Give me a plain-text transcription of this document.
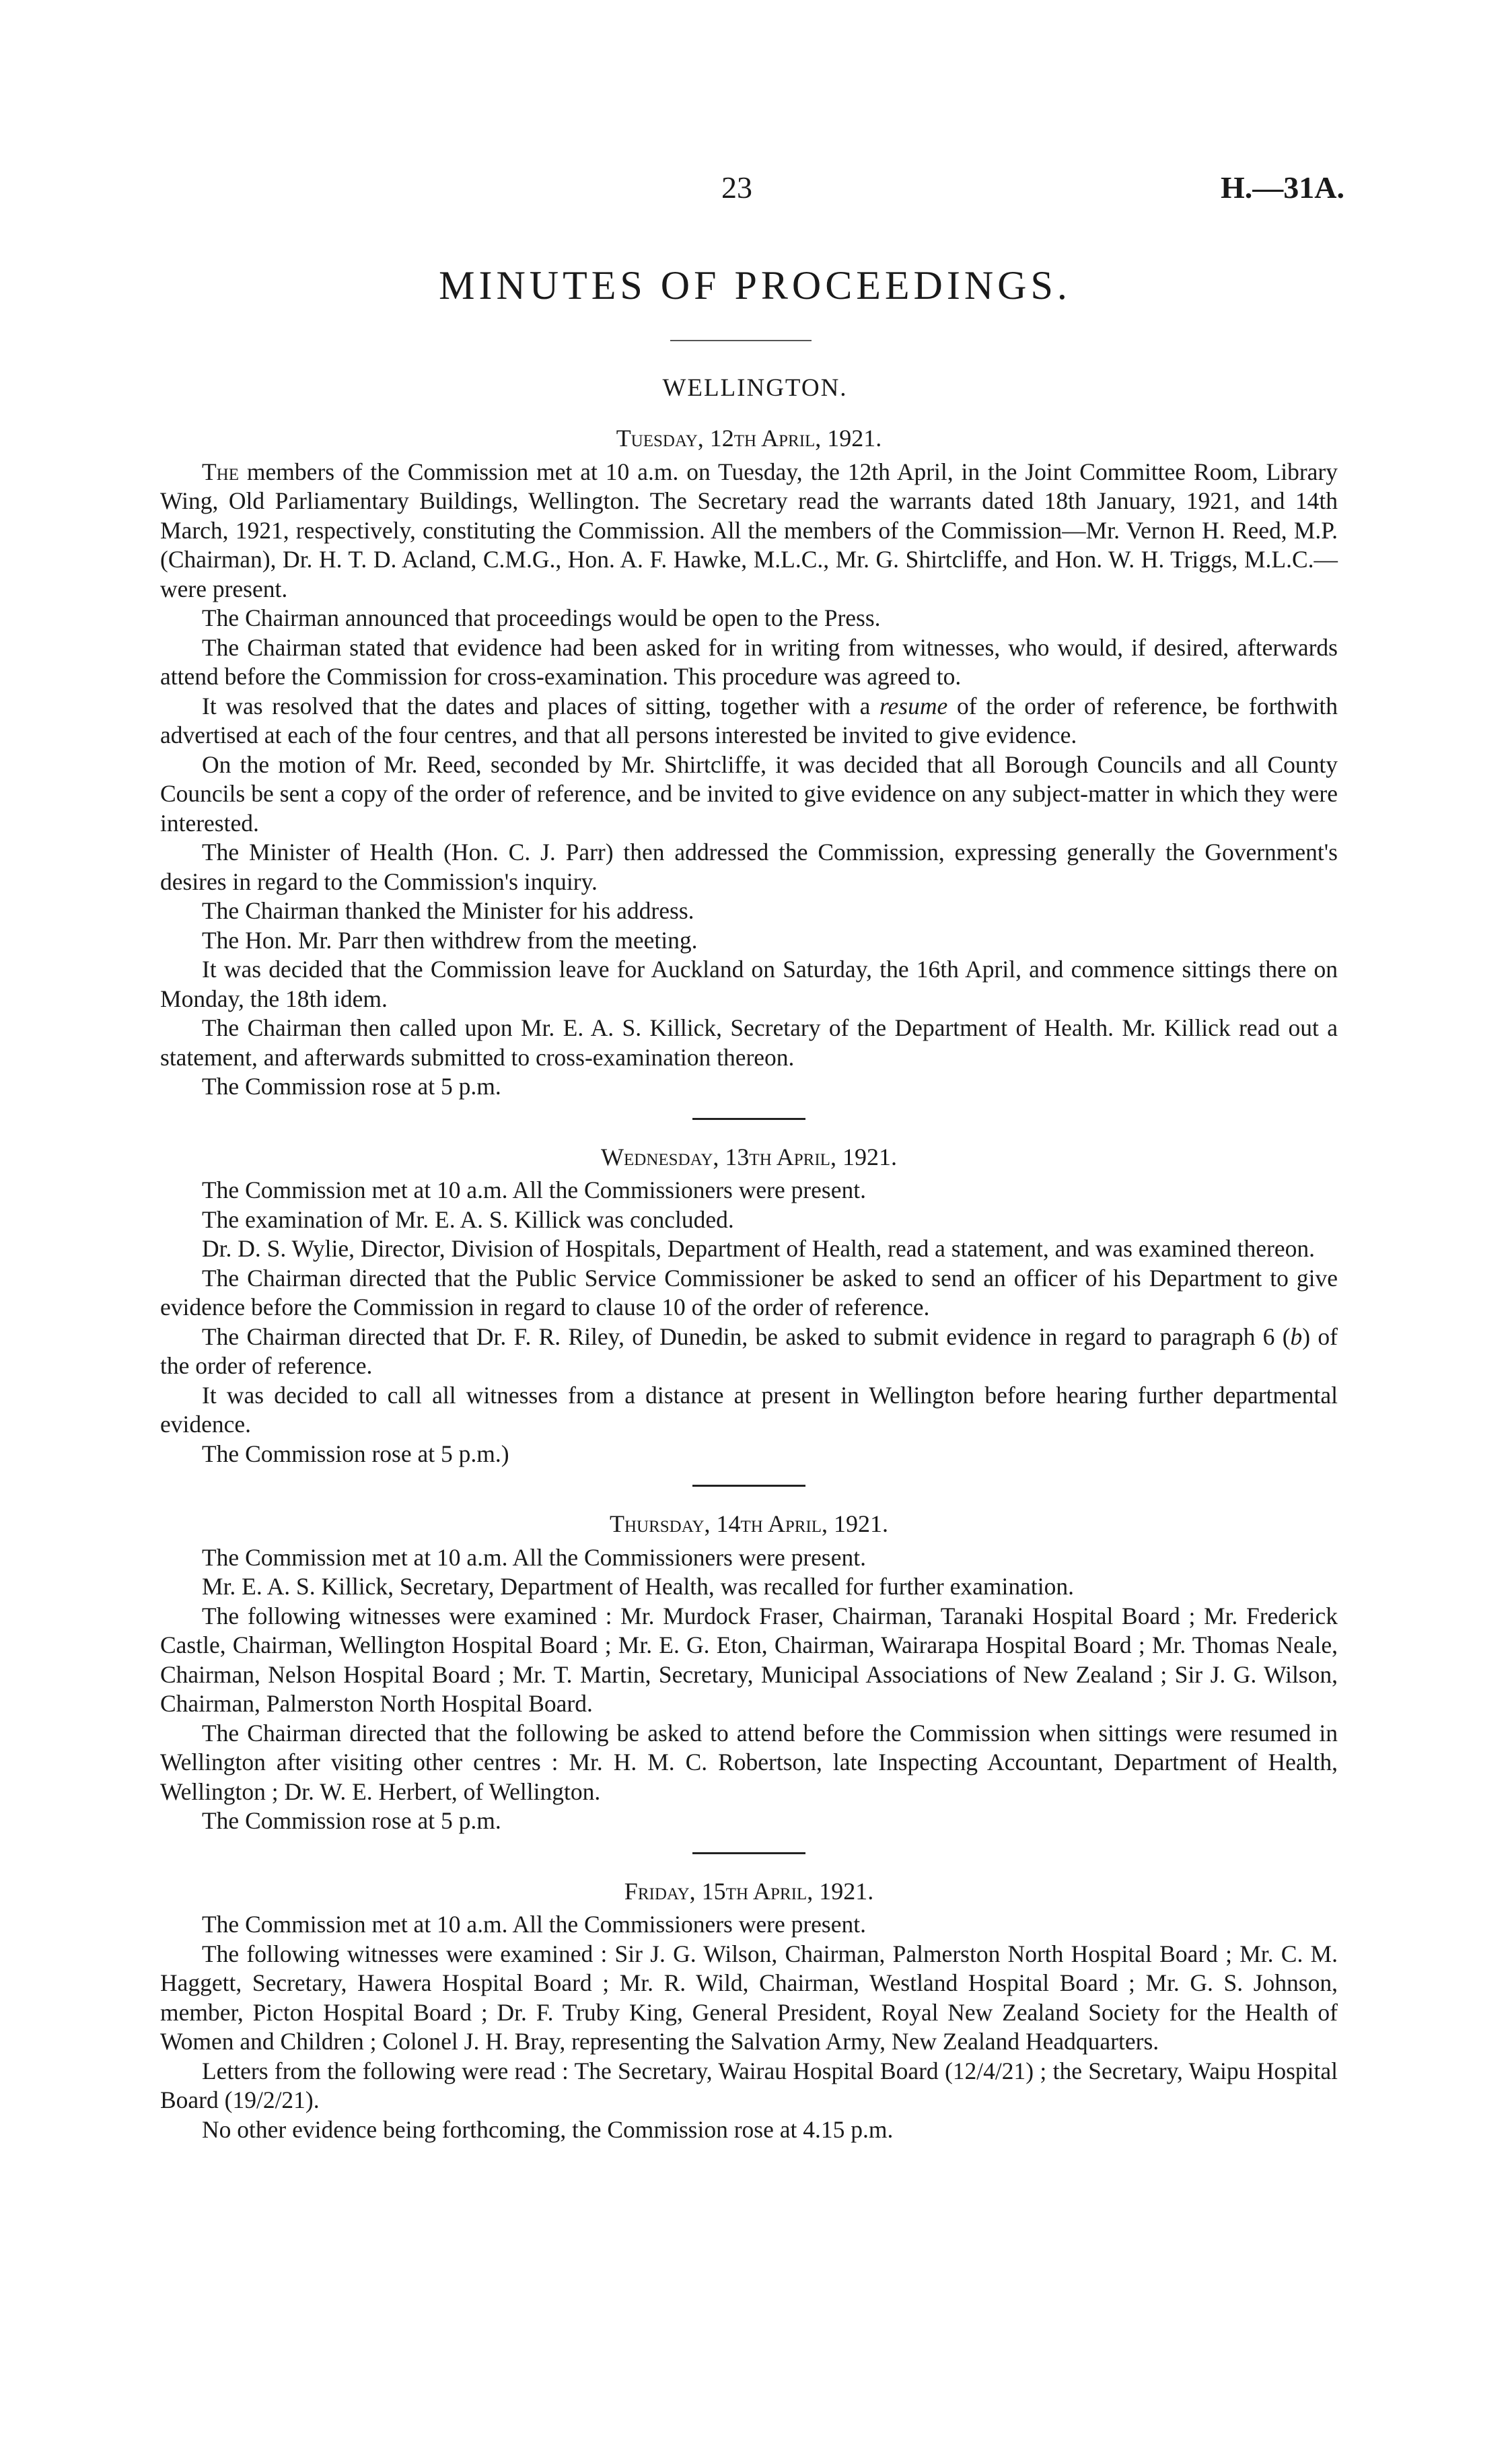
23	H.—31A.
MINUTES OF PROCEEDINGS.
WELLINGTON.
Tuesday, 12th April, 1921.

The members of the Commission met at 10 a.m. on Tuesday, the 12th April, in the Joint Committee Room, Library Wing, Old Parliamentary Buildings, Wellington. The Secretary read the warrants dated 18th January, 1921, and 14th March, 1921, respectively, constituting the Commission. All the members of the Commission—Mr. Vernon H. Reed, M.P. (Chairman), Dr. H. T. D. Acland, C.M.G., Hon. A. F. Hawke, M.L.C., Mr. G. Shirtcliffe, and Hon. W. H. Triggs, M.L.C.—were present.

The Chairman announced that proceedings would be open to the Press.

The Chairman stated that evidence had been asked for in writing from witnesses, who would, if desired, afterwards attend before the Commission for cross-examination. This procedure was agreed to.

It was resolved that the dates and places of sitting, together with a resume of the order of reference, be forthwith advertised at each of the four centres, and that all persons interested be invited to give evidence.

On the motion of Mr. Reed, seconded by Mr. Shirtcliffe, it was decided that all Borough Councils and all County Councils be sent a copy of the order of reference, and be invited to give evidence on any subject-matter in which they were interested.

The Minister of Health (Hon. C. J. Parr) then addressed the Commission, expressing generally the Government's desires in regard to the Commission's inquiry.

The Chairman thanked the Minister for his address.

The Hon. Mr. Parr then withdrew from the meeting.

It was decided that the Commission leave for Auckland on Saturday, the 16th April, and commence sittings there on Monday, the 18th idem.

The Chairman then called upon Mr. E. A. S. Killick, Secretary of the Department of Health. Mr. Killick read out a statement, and afterwards submitted to cross-examination thereon.

The Commission rose at 5 p.m.

Wednesday, 13th April, 1921.

The Commission met at 10 a.m. All the Commissioners were present.

The examination of Mr. E. A. S. Killick was concluded.

Dr. D. S. Wylie, Director, Division of Hospitals, Department of Health, read a statement, and was examined thereon.

The Chairman directed that the Public Service Commissioner be asked to send an officer of his Department to give evidence before the Commission in regard to clause 10 of the order of reference.

The Chairman directed that Dr. F. R. Riley, of Dunedin, be asked to submit evidence in regard to paragraph 6 (b) of the order of reference.

It was decided to call all witnesses from a distance at present in Wellington before hearing further departmental evidence.

The Commission rose at 5 p.m.)

Thursday, 14th April, 1921.

The Commission met at 10 a.m. All the Commissioners were present.

Mr. E. A. S. Killick, Secretary, Department of Health, was recalled for further examination.

The following witnesses were examined : Mr. Murdock Fraser, Chairman, Taranaki Hospital Board ; Mr. Frederick Castle, Chairman, Wellington Hospital Board ; Mr. E. G. Eton, Chairman, Wairarapa Hospital Board ; Mr. Thomas Neale, Chairman, Nelson Hospital Board ; Mr. T. Martin, Secretary, Municipal Associations of New Zealand ; Sir J. G. Wilson, Chairman, Palmerston North Hospital Board.

The Chairman directed that the following be asked to attend before the Commission when sittings were resumed in Wellington after visiting other centres : Mr. H. M. C. Robertson, late Inspecting Accountant, Department of Health, Wellington ; Dr. W. E. Herbert, of Wellington.

The Commission rose at 5 p.m.

Friday, 15th April, 1921.

The Commission met at 10 a.m. All the Commissioners were present.

The following witnesses were examined : Sir J. G. Wilson, Chairman, Palmerston North Hospital Board ; Mr. C. M. Haggett, Secretary, Hawera Hospital Board ; Mr. R. Wild, Chairman, Westland Hospital Board ; Mr. G. S. Johnson, member, Picton Hospital Board ; Dr. F. Truby King, General President, Royal New Zealand Society for the Health of Women and Children ; Colonel J. H. Bray, representing the Salvation Army, New Zealand Headquarters.

Letters from the following were read : The Secretary, Wairau Hospital Board (12/4/21) ; the Secretary, Waipu Hospital Board (19/2/21).

No other evidence being forthcoming, the Commission rose at 4.15 p.m.
